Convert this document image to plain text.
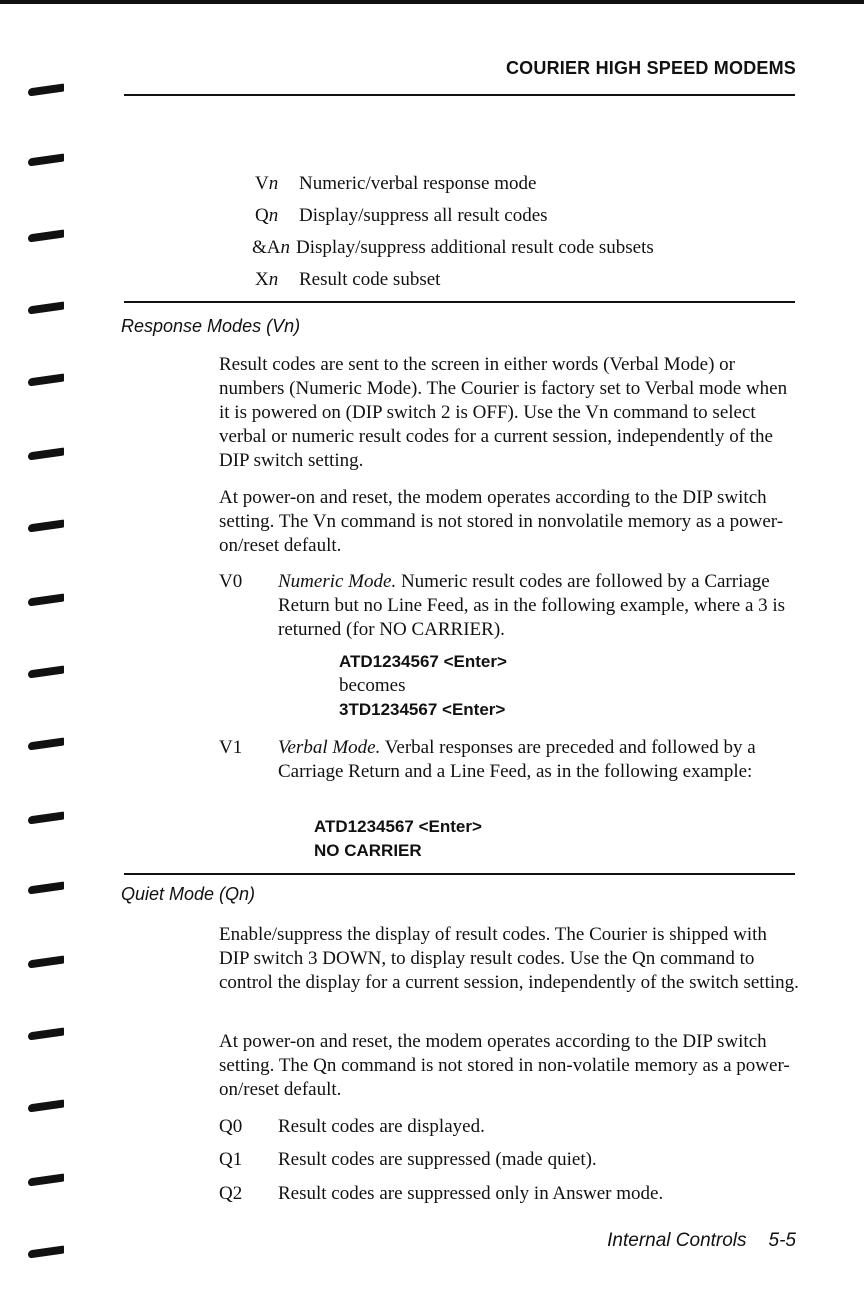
COURIER HIGH SPEED MODEMS
Vn	Numeric/verbal response mode
Qn	Display/suppress all result codes
&An Display/suppress additional result code subsets
Xn	Result code subset
Response Modes (Vn)

Result codes are sent to the screen in either words (Verbal Mode) or numbers (Numeric Mode). The Courier is factory set to Verbal mode when it is powered on (DIP switch 2 is OFF). Use the Vn command to select verbal or numeric result codes for a current session, independently of the DIP switch setting.

At power-on and reset, the modem operates according to the DIP switch setting. The Vn command is not stored in nonvolatile memory as a power-on/reset default.

V0	Numeric Mode. Numeric result codes are followed by a Carriage Return but no Line Feed, as in the following example, where a 3 is returned (for NO CARRIER).
ATD1234567 <Enter>
becomes
3TD1234567 <Enter>
V1	Verbal Mode. Verbal responses are preceded and followed by a Carriage Return and a Line Feed, as in the following example:
ATD1234567 <Enter>
NO CARRIER
Quiet Mode (Qn)

Enable/suppress the display of result codes. The Courier is shipped with DIP switch 3 DOWN, to display result codes. Use the Qn command to control the display for a current session, independently of the switch setting.

At power-on and reset, the modem operates according to the DIP switch setting. The Qn command is not stored in non-volatile memory as a power-on/reset default.

Q0	Result codes are displayed.
Q1	Result codes are suppressed (made quiet).
Q2	Result codes are suppressed only in Answer mode.
Internal Controls 5-5
